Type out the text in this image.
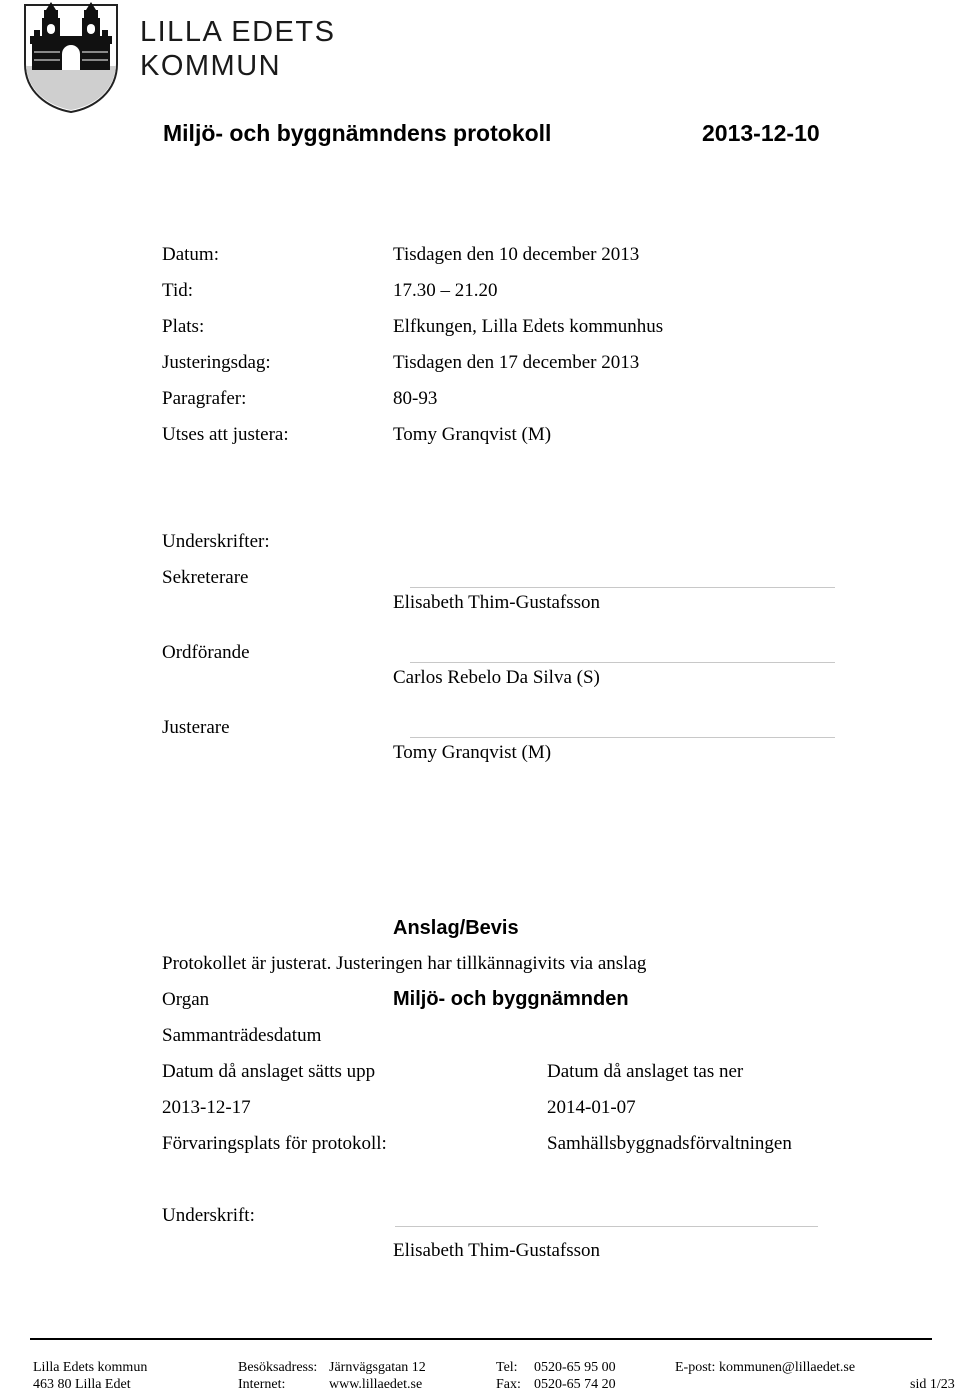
LILLA EDETS
KOMMUN
Miljö- och byggnämndens protokoll	2013-12-10
Datum:	Tisdagen den 10 december 2013
Tid:	17.30 – 21.20
Plats:	Elfkungen, Lilla Edets kommunhus
Justeringsdag:	Tisdagen den 17 december 2013
Paragrafer:	80-93
Utses att justera:	Tomy Granqvist (M)
Underskrifter:
Sekreterare
Elisabeth Thim-Gustafsson
Ordförande
Carlos Rebelo Da Silva (S)
Justerare
Tomy Granqvist (M)
Anslag/Bevis
Protokollet är justerat. Justeringen har tillkännagivits via anslag
Organ	Miljö- och byggnämnden
Sammanträdesdatum
Datum då anslaget sätts upp	Datum då anslaget tas ner
2013-12-17	2014-01-07
Förvaringsplats för protokoll:	Samhällsbyggnadsförvaltningen
Underskrift:
Elisabeth Thim-Gustafsson
Lilla Edets kommun
463 80 Lilla Edet
Besöksadress: Järnvägsgatan 12
Internet:	www.lillaedet.se
Tel: 0520-65 95 00
Fax: 0520-65 74 20
E-post: kommunen@lillaedet.se
sid 1/23
